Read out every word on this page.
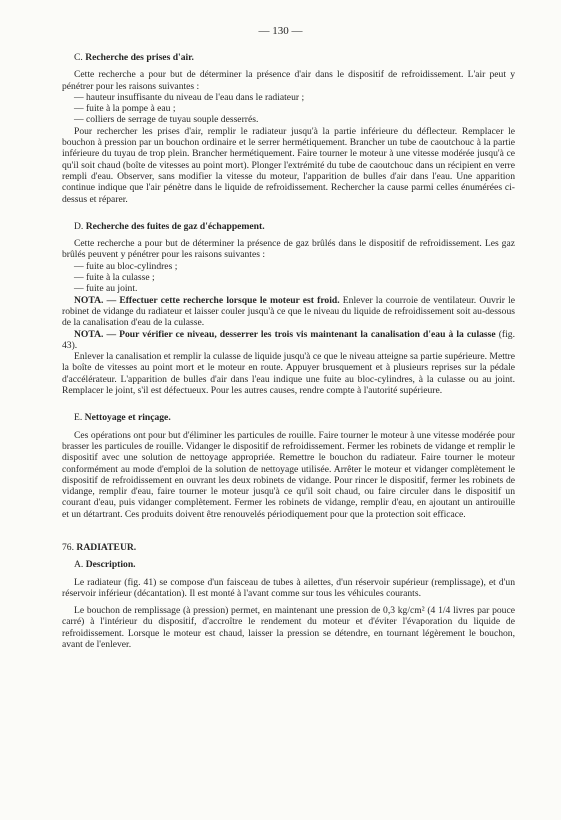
— 130 —
C. Recherche des prises d'air.

Cette recherche a pour but de déterminer la présence d'air dans le dispositif de refroidissement. L'air peut y pénétrer pour les raisons suivantes :

— hauteur insuffisante du niveau de l'eau dans le radiateur ;
— fuite à la pompe à eau ;
— colliers de serrage de tuyau souple desserrés.

Pour rechercher les prises d'air, remplir le radiateur jusqu'à la partie inférieure du déflecteur. Remplacer le bouchon à pression par un bouchon ordinaire et le serrer hermétiquement. Brancher un tube de caoutchouc à la partie inférieure du tuyau de trop plein. Brancher hermétiquement. Faire tourner le moteur à une vitesse modérée jusqu'à ce qu'il soit chaud (boîte de vitesses au point mort). Plonger l'extrémité du tube de caoutchouc dans un récipient en verre rempli d'eau. Observer, sans modifier la vitesse du moteur, l'apparition de bulles d'air dans l'eau. Une apparition continue indique que l'air pénètre dans le liquide de refroidissement. Rechercher la cause parmi celles énumérées ci-dessus et réparer.

D. Recherche des fuites de gaz d'échappement.

Cette recherche a pour but de déterminer la présence de gaz brûlés dans le dispositif de refroidissement. Les gaz brûlés peuvent y pénétrer pour les raisons suivantes :

— fuite au bloc-cylindres ;
— fuite à la culasse ;
— fuite au joint.

NOTA. — Effectuer cette recherche lorsque le moteur est froid. Enlever la courroie de ventilateur. Ouvrir le robinet de vidange du radiateur et laisser couler jusqu'à ce que le niveau du liquide de refroidissement soit au-dessous de la canalisation d'eau de la culasse.

NOTA. — Pour vérifier ce niveau, desserrer les trois vis maintenant la canalisation d'eau à la culasse (fig. 43).

Enlever la canalisation et remplir la culasse de liquide jusqu'à ce que le niveau atteigne sa partie supérieure. Mettre la boîte de vitesses au point mort et le moteur en route. Appuyer brusquement et à plusieurs reprises sur la pédale d'accélérateur. L'apparition de bulles d'air dans l'eau indique une fuite au bloc-cylindres, à la culasse ou au joint. Remplacer le joint, s'il est défectueux. Pour les autres causes, rendre compte à l'autorité supérieure.

E. Nettoyage et rinçage.

Ces opérations ont pour but d'éliminer les particules de rouille. Faire tourner le moteur à une vitesse modérée pour brasser les particules de rouille. Vidanger le dispositif de refroidissement. Fermer les robinets de vidange et remplir le dispositif avec une solution de nettoyage appropriée. Remettre le bouchon du radiateur. Faire tourner le moteur conformément au mode d'emploi de la solution de nettoyage utilisée. Arrêter le moteur et vidanger complètement le dispositif de refroidissement en ouvrant les deux robinets de vidange. Pour rincer le dispositif, fermer les robinets de vidange, remplir d'eau, faire tourner le moteur jusqu'à ce qu'il soit chaud, ou faire circuler dans le dispositif un courant d'eau, puis vidanger complètement. Fermer les robinets de vidange, remplir d'eau, en ajoutant un antirouille et un détartrant. Ces produits doivent être renouvelés périodiquement pour que la protection soit efficace.

76. RADIATEUR.
A. Description.

Le radiateur (fig. 41) se compose d'un faisceau de tubes à ailettes, d'un réservoir supérieur (remplissage), et d'un réservoir inférieur (décantation). Il est monté à l'avant comme sur tous les véhicules courants.

Le bouchon de remplissage (à pression) permet, en maintenant une pression de 0,3 kg/cm² (4 1/4 livres par pouce carré) à l'intérieur du dispositif, d'accroître le rendement du moteur et d'éviter l'évaporation du liquide de refroidissement. Lorsque le moteur est chaud, laisser la pression se détendre, en tournant légèrement le bouchon, avant de l'enlever.
